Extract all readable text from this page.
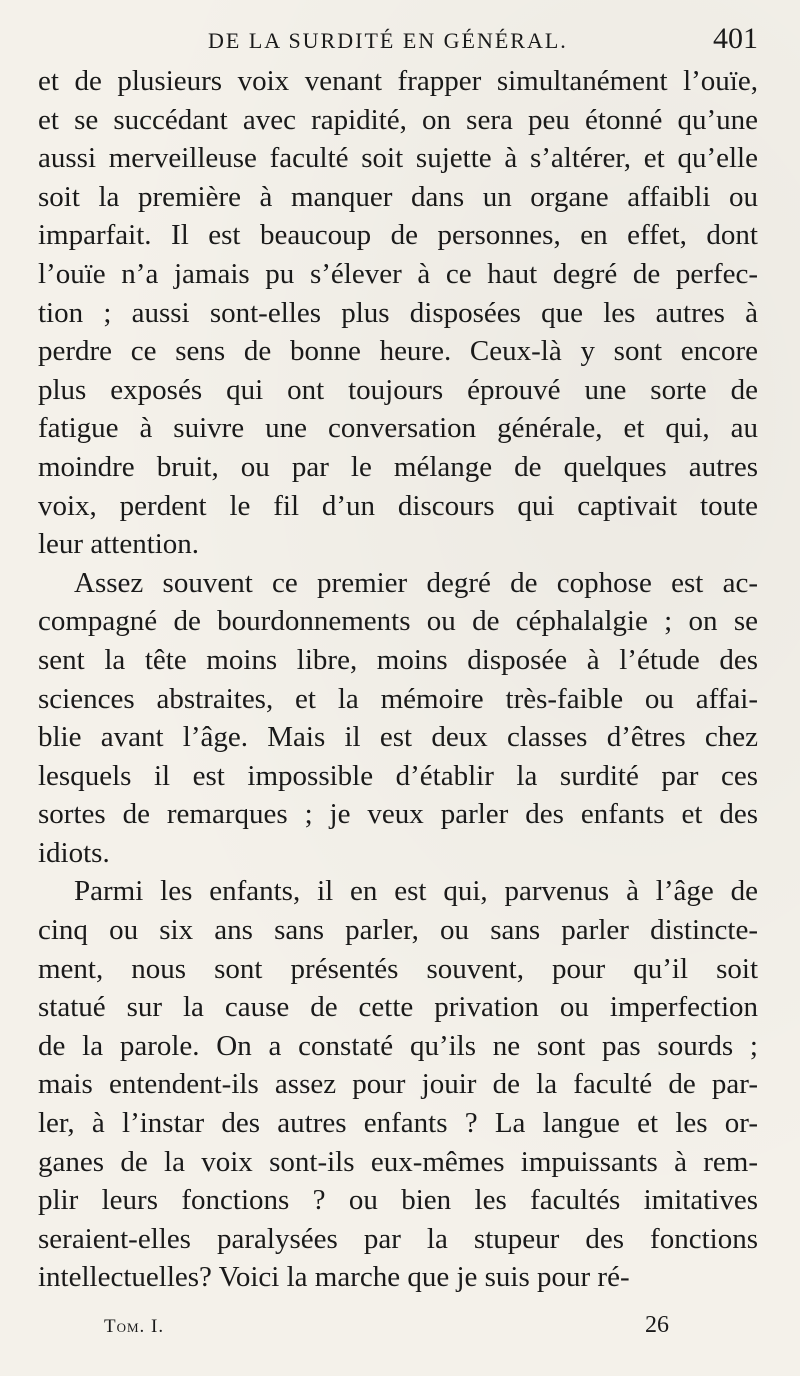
DE LA SURDITÉ EN GÉNÉRAL.	401
et de plusieurs voix venant frapper simultanément l’ouïe,
et se succédant avec rapidité, on sera peu étonné qu’une
aussi merveilleuse faculté soit sujette à s’altérer, et qu’elle
soit la première à manquer dans un organe affaibli ou
imparfait. Il est beaucoup de personnes, en effet, dont
l’ouïe n’a jamais pu s’élever à ce haut degré de perfec-
tion ; aussi sont-elles plus disposées que les autres à
perdre ce sens de bonne heure. Ceux-là y sont encore
plus exposés qui ont toujours éprouvé une sorte de
fatigue à suivre une conversation générale, et qui, au
moindre bruit, ou par le mélange de quelques autres
voix, perdent le fil d’un discours qui captivait toute
leur attention.
Assez souvent ce premier degré de cophose est ac-
compagné de bourdonnements ou de céphalalgie ; on se
sent la tête moins libre, moins disposée à l’étude des
sciences abstraites, et la mémoire très-faible ou affai-
blie avant l’âge. Mais il est deux classes d’êtres chez
lesquels il est impossible d’établir la surdité par ces
sortes de remarques ; je veux parler des enfants et des
idiots.
Parmi les enfants, il en est qui, parvenus à l’âge de
cinq ou six ans sans parler, ou sans parler distincte-
ment, nous sont présentés souvent, pour qu’il soit
statué sur la cause de cette privation ou imperfection
de la parole. On a constaté qu’ils ne sont pas sourds ;
mais entendent-ils assez pour jouir de la faculté de par-
ler, à l’instar des autres enfants ? La langue et les or-
ganes de la voix sont-ils eux-mêmes impuissants à rem-
plir leurs fonctions ? ou bien les facultés imitatives
seraient-elles paralysées par la stupeur des fonctions
intellectuelles? Voici la marche que je suis pour ré-
Tom. I.	26
